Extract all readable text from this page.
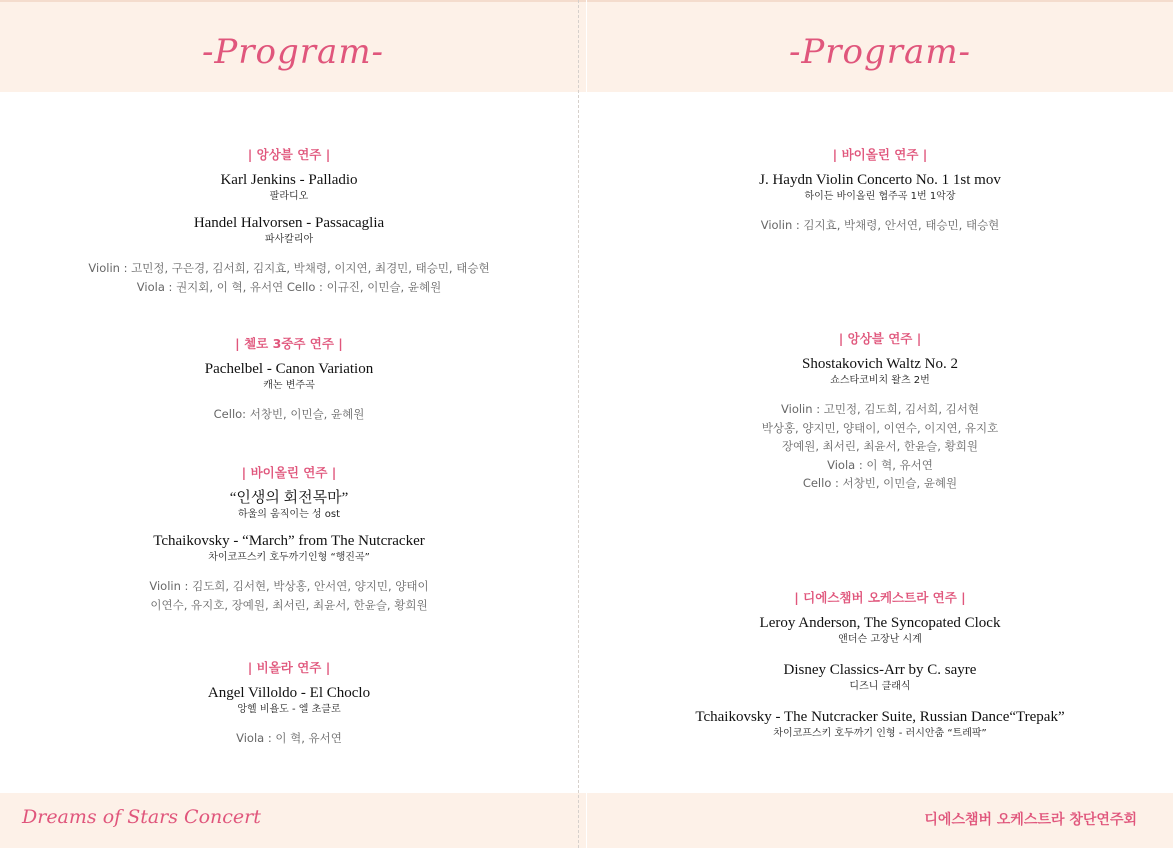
-Program-
| 앙상블 연주 |
Karl Jenkins - Palladio
팔라디오
Handel Halvorsen - Passacaglia
파사칼리아
Violin : 고민정, 구은경, 김서희, 김지효, 박채령, 이지연, 최경민, 태승민, 태승현
Viola : 권지회, 이 혁, 유서연 Cello : 이규진, 이민슬, 윤혜원
| 첼로 3중주 연주 |
Pachelbel - Canon Variation
캐논 변주곡
Cello: 서창빈, 이민슬, 윤혜원
| 바이올린 연주 |
“인생의 회전목마”
하울의 움직이는 성 ost
Tchaikovsky - “March” from The Nutcracker
차이코프스키 호두까기인형 “행진곡”
Violin : 김도희, 김서현, 박상홍, 안서연, 양지민, 양태이
이연수, 유지호, 장예원, 최서린, 최윤서, 한윤슬, 황희원
| 비올라 연주 |
Angel Villoldo - El Choclo
앙헬 비욜도 - 엘 초클로
Viola : 이 혁, 유서연
Dreams of Stars Concert
-Program-
| 바이올린 연주 |
J. Haydn Violin Concerto No. 1 1st mov
하이든 바이올린 협주곡 1번 1악장
Violin : 김지효, 박채령, 안서연, 태승민, 태승현
| 앙상블 연주 |
Shostakovich Waltz No. 2
쇼스타코비치 왈츠 2번
Violin : 고민정, 김도희, 김서희, 김서현
박상홍, 양지민, 양태이, 이연수, 이지연, 유지호
장예원, 최서린, 최윤서, 한윤슬, 황희원
Viola : 이 혁, 유서연
Cello : 서창빈, 이민슬, 윤혜원
| 디에스챔버 오케스트라 연주 |
Leroy Anderson, The Syncopated Clock
앤더슨 고장난 시계
Disney Classics-Arr by C. sayre
디즈니 클래식
Tchaikovsky - The Nutcracker Suite, Russian Dance“Trepak”
차이코프스키 호두까기 인형 - 러시안춤 “트레팍”
디에스챔버 오케스트라 창단연주회
